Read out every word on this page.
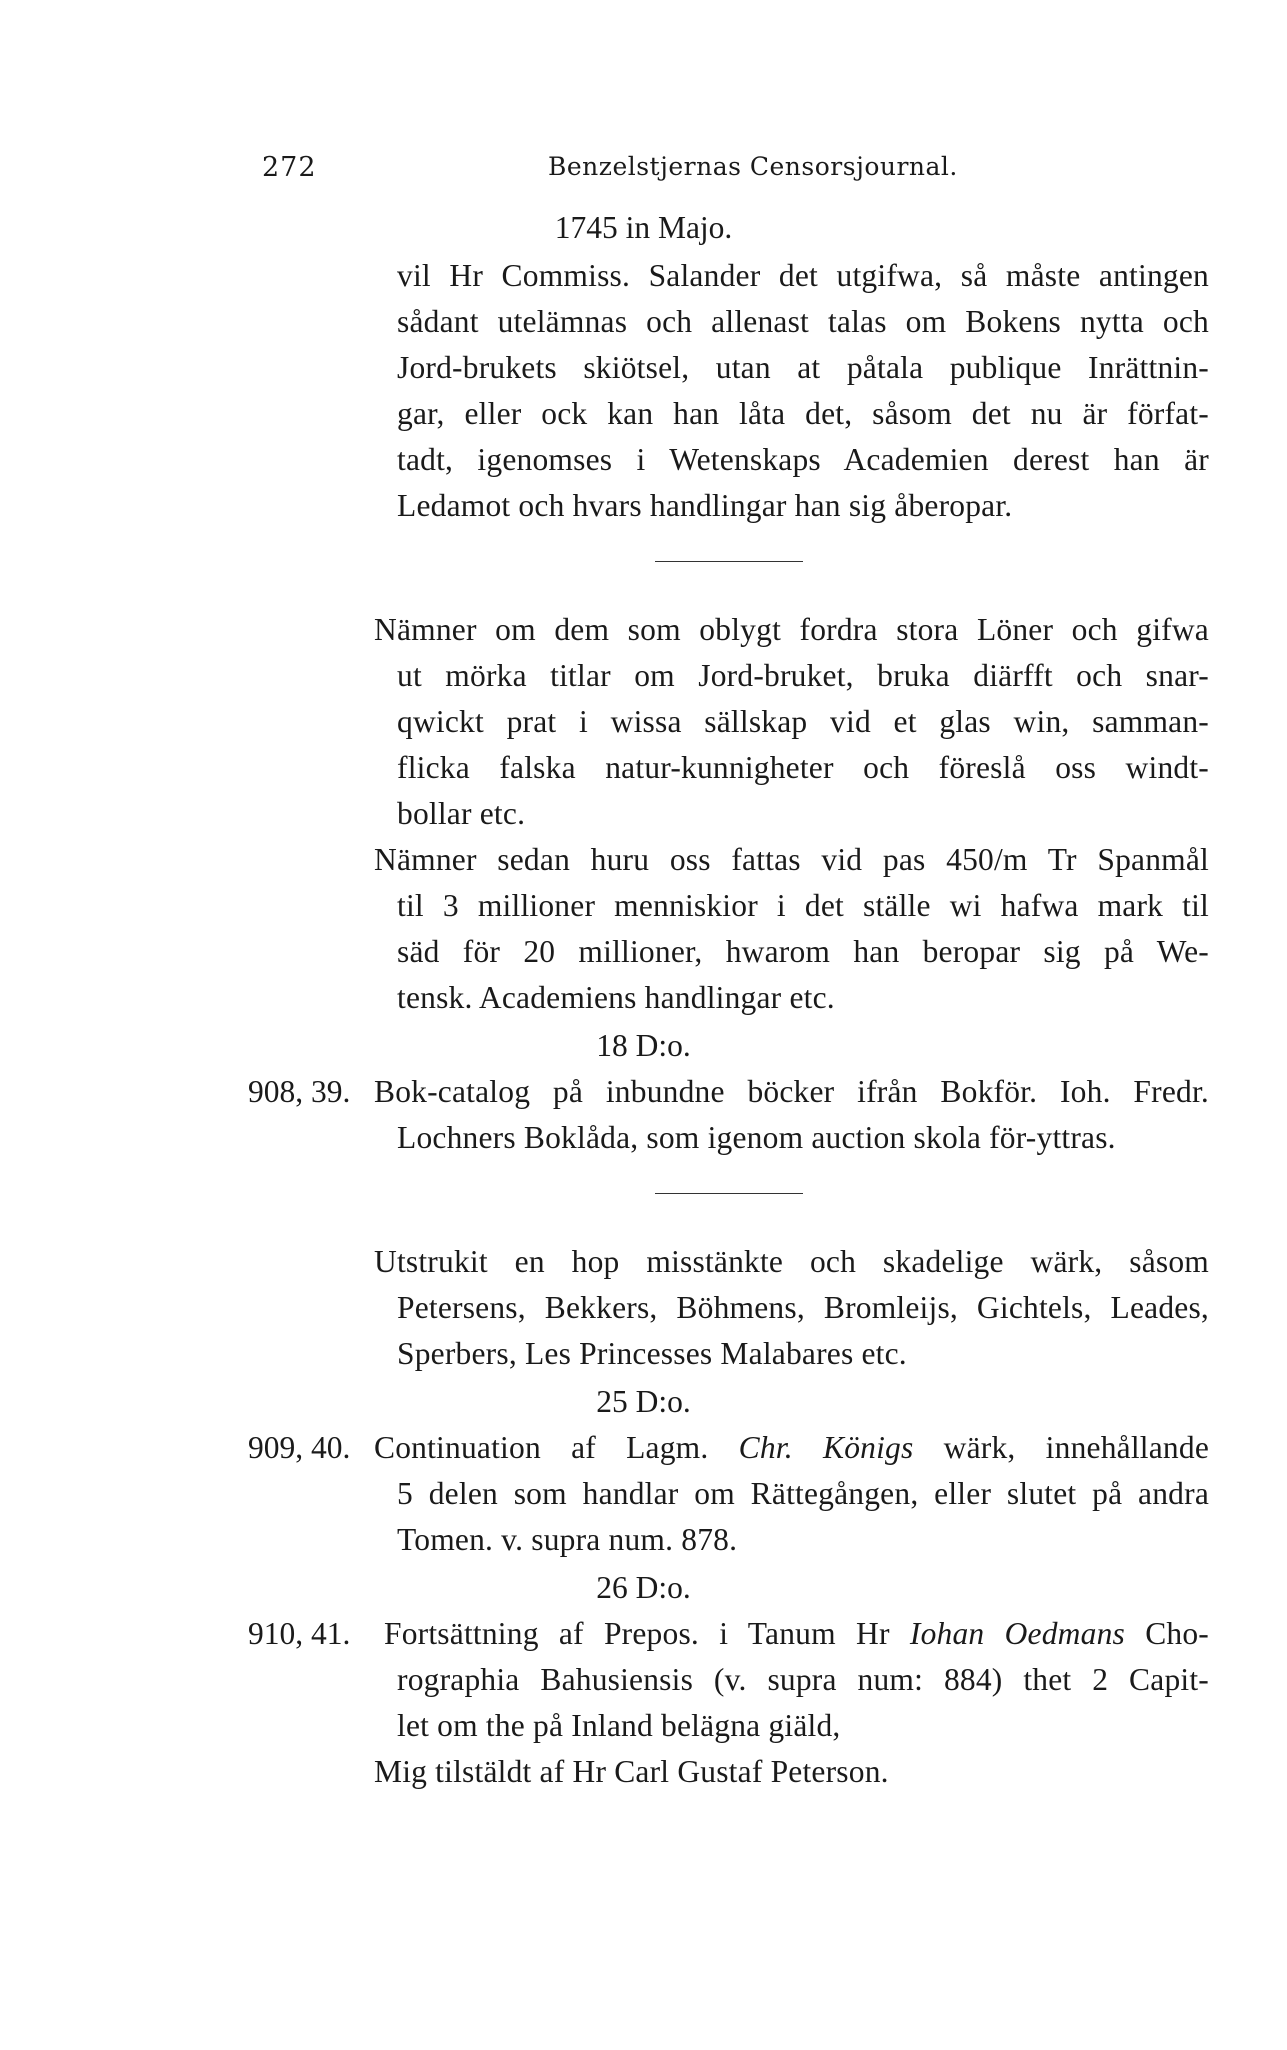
272	Benzelstjernas Censorsjournal.
1745 in Majo.
vil Hr Commiss. Salander det utgifwa, så måste antingen
sådant utelämnas och allenast talas om Bokens nytta och
Jord-brukets skiötsel, utan at påtala publique Inrättnin-
gar, eller ock kan han låta det, såsom det nu är förfat-
tadt, igenomses i Wetenskaps Academien derest han är
Ledamot och hvars handlingar han sig åberopar.
Nämner om dem som oblygt fordra stora Löner och gifwa
ut mörka titlar om Jord-bruket, bruka diärfft och snar-
qwickt prat i wissa sällskap vid et glas win, samman-
flicka falska natur-kunnigheter och föreslå oss windt-
bollar etc.
Nämner sedan huru oss fattas vid pas 450/m Tr Spanmål
til 3 millioner menniskior i det ställe wi hafwa mark til
säd för 20 millioner, hwarom han beropar sig på We-
tensk. Academiens handlingar etc.
18 D:o.
908, 39. Bok-catalog på inbundne böcker ifrån Bokför. Ioh. Fredr.
Lochners Boklåda, som igenom auction skola för-yttras.
Utstrukit en hop misstänkte och skadelige wärk, såsom
Petersens, Bekkers, Böhmens, Bromleijs, Gichtels, Leades,
Sperbers, Les Princesses Malabares etc.
25 D:o.
909, 40. Continuation af Lagm. Chr. Königs wärk, innehållande
5 delen som handlar om Rättegången, eller slutet på andra
Tomen. v. supra num. 878.
26 D:o.
910, 41. Fortsättning af Prepos. i Tanum Hr Iohan Oedmans Cho-
rographia Bahusiensis (v. supra num: 884) thet 2 Capit-
let om the på Inland belägna giäld,
Mig tilstäldt af Hr Carl Gustaf Peterson.
